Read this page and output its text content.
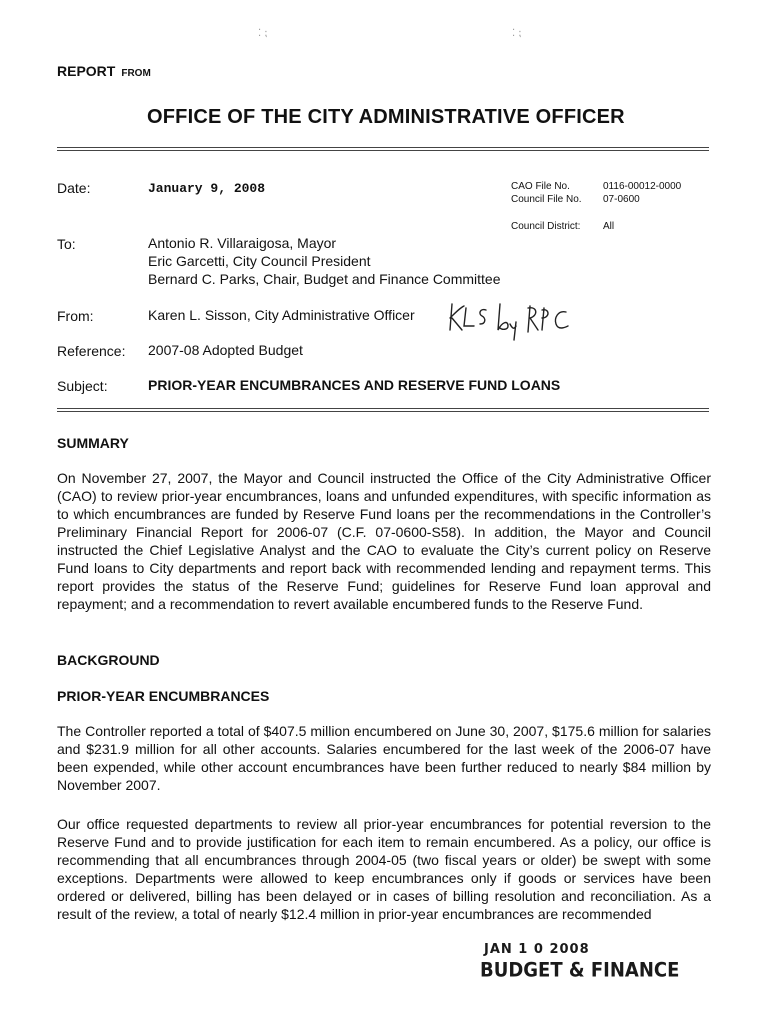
⁚ ⁏	⁚ ⁏
REPORT FROM
OFFICE OF THE CITY ADMINISTRATIVE OFFICER
Date:	January 9, 2008	CAO File No.	0116-00012-0000
Council File No. 07-0600
Council District: All
To:	Antonio R. Villaraigosa, Mayor
Eric Garcetti, City Council President
Bernard C. Parks, Chair, Budget and Finance Committee
From:	Karen L. Sisson, City Administrative Officer
Reference: 2007-08 Adopted Budget
Subject:	PRIOR-YEAR ENCUMBRANCES AND RESERVE FUND LOANS
SUMMARY

On November 27, 2007, the Mayor and Council instructed the Office of the City Administrative Officer (CAO) to review prior-year encumbrances, loans and unfunded expenditures, with specific information as to which encumbrances are funded by Reserve Fund loans per the recommendations in the Controller’s Preliminary Financial Report for 2006-07 (C.F. 07-0600-S58). In addition, the Mayor and Council instructed the Chief Legislative Analyst and the CAO to evaluate the City’s current policy on Reserve Fund loans to City departments and report back with recommended lending and repayment terms. This report provides the status of the Reserve Fund; guidelines for Reserve Fund loan approval and repayment; and a recommendation to revert available encumbered funds to the Reserve Fund.

BACKGROUND
PRIOR-YEAR ENCUMBRANCES

The Controller reported a total of $407.5 million encumbered on June 30, 2007, $175.6 million for salaries and $231.9 million for all other accounts. Salaries encumbered for the last week of the 2006-07 have been expended, while other account encumbrances have been further reduced to nearly $84 million by November 2007.

Our office requested departments to review all prior-year encumbrances for potential reversion to the Reserve Fund and to provide justification for each item to remain encumbered. As a policy, our office is recommending that all encumbrances through 2004-05 (two fiscal years or older) be swept with some exceptions. Departments were allowed to keep encumbrances only if goods or services have been ordered or delivered, billing has been delayed or in cases of billing resolution and reconciliation. As a result of the review, a total of nearly $12.4 million in prior-year encumbrances are recommended

JAN 1 0 2008
BUDGET & FINANCE
